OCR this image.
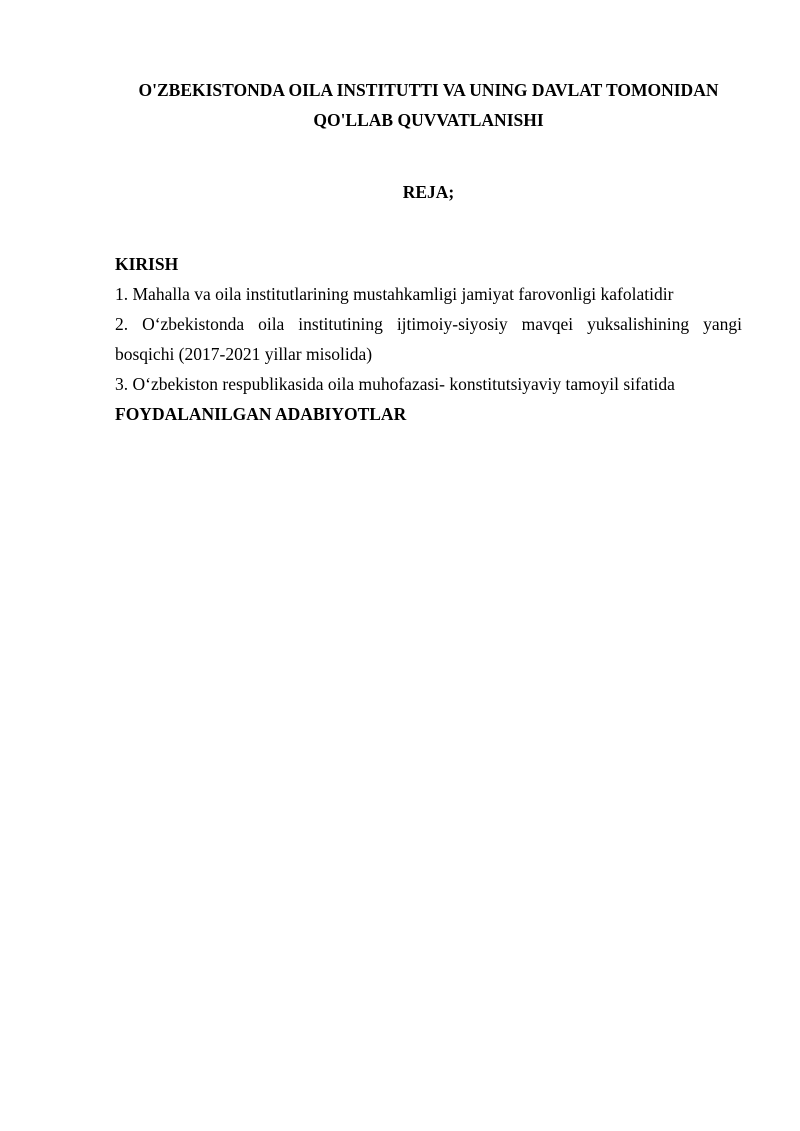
O'ZBEKISTONDA OILA INSTITUTTI VA UNING DAVLAT TOMONIDAN
QO'LLAB QUVVATLANISHI
REJA;
KIRISH
1. Mahalla va oila institutlarining mustahkamligi jamiyat farovonligi kafolatidir
2. O‘zbekistonda oila institutining ijtimoiy-siyosiy mavqei yuksalishining yangi
bosqichi (2017-2021 yillar misolida)
3. O‘zbekiston respublikasida oila muhofazasi- konstitutsiyaviy tamoyil sifatida
FOYDALANILGAN ADABIYOTLAR
